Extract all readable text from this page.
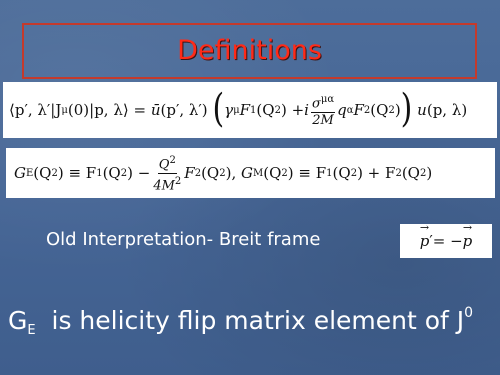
Definitions
⟨p′, λ′|J μ (0)|p, λ⟩ =
ū (p′, λ′)
( γ μ F 1 (Q 2 ) + i $\frac{\sigma^{\mu\alpha}}{2M}$ q α F 2 (Q 2 ) )
u (p, λ)
G E (Q 2 ) ≡ F 1 (Q 2 ) − $\frac{Q^2}{4M^2}$ F 2 (Q 2 ),
G M (Q 2 ) ≡ F 1 (Q 2 ) + F 2 (Q 2 )
Old Interpretation- Breit frame	→ p ′ = − → p
$G_E$ is helicity flip matrix element of $J^0$
